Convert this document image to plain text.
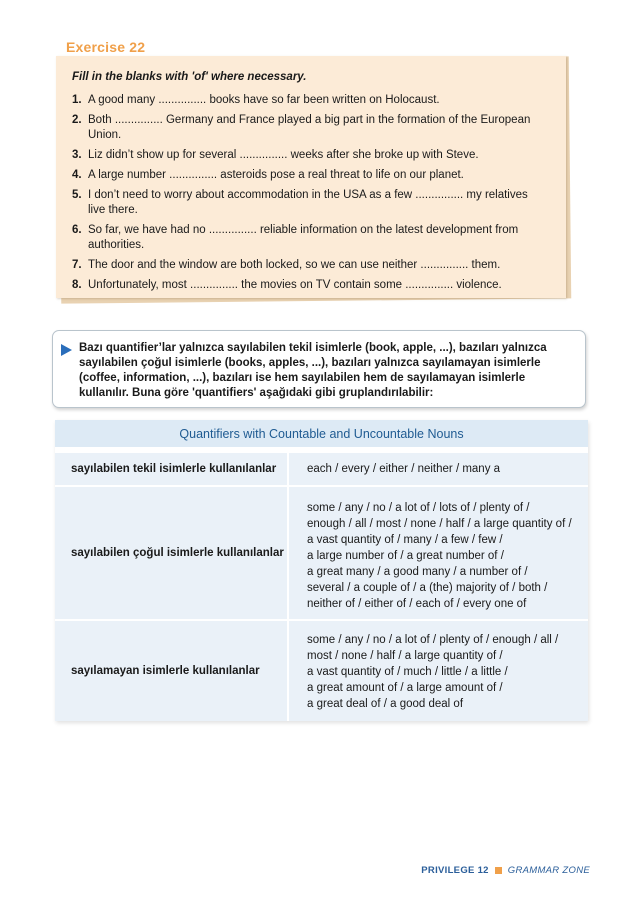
Exercise 22

Fill in the blanks with 'of' where necessary.

1. A good many ............... books have so far been written on Holocaust.
2. Both ............... Germany and France played a big part in the formation of the European Union.
3. Liz didn’t show up for several ............... weeks after she broke up with Steve.
4. A large number ............... asteroids pose a real threat to life on our planet.
5. I don’t need to worry about accommodation in the USA as a few ............... my relatives live there.
6. So far, we have had no ............... reliable information on the latest development from authorities.
7. The door and the window are both locked, so we can use neither ............... them.
8. Unfortunately, most ............... the movies on TV contain some ............... violence.
Bazı quantifier’lar yalnızca sayılabilen tekil isimlerle (book, apple, ...), bazıları yalnızca sayılabilen çoğul isimlerle (books, apples, ...), bazıları yalnızca sayılamayan isimlerle (coffee, information, ...), bazıları ise hem sayılabilen hem de sayılamayan isimlerle kullanılır. Buna göre 'quantifiers' aşağıdaki gibi gruplandırılabilir:
Quantifiers with Countable and Uncountable Nouns
sayılabilen tekil isimlerle kullanılanlar	each / every / either / neither / many a
sayılabilen çoğul isimlerle kullanılanlar
some / any / no / a lot of / lots of / plenty of /
enough / all / most / none / half / a large quantity of /
a vast quantity of / many / a few / few /
a large number of / a great number of /
a great many / a good many / a number of /
several / a couple of / a (the) majority of / both /
neither of / either of / each of / every one of
sayılamayan isimlerle kullanılanlar
some / any / no / a lot of / plenty of / enough / all /
most / none / half / a large quantity of /
a vast quantity of / much / little / a little /
a great amount of / a large amount of /
a great deal of / a good deal of
PRIVILEGE 12 GRAMMAR ZONE
